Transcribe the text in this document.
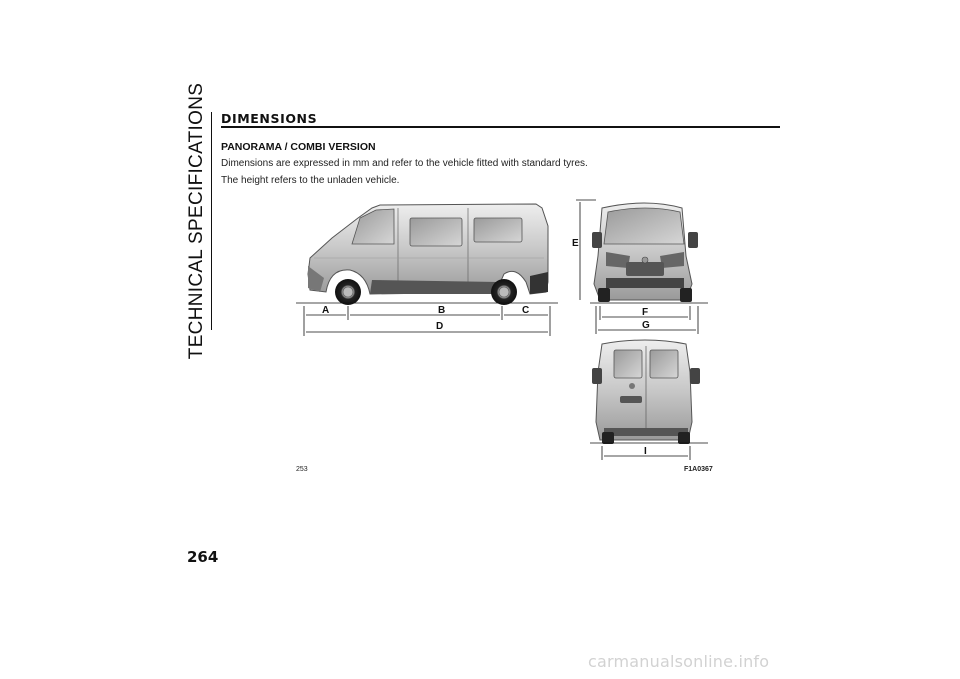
TECHNICAL SPECIFICATIONS DIMENSIONS
PANORAMA / COMBI VERSION
Dimensions are expressed in mm and refer to the vehicle fitted with standard tyres.
The height refers to the unladen vehicle.
A	B	C
D
E
F
G
I
253	F1A0367
264
carmanualsonline.info
